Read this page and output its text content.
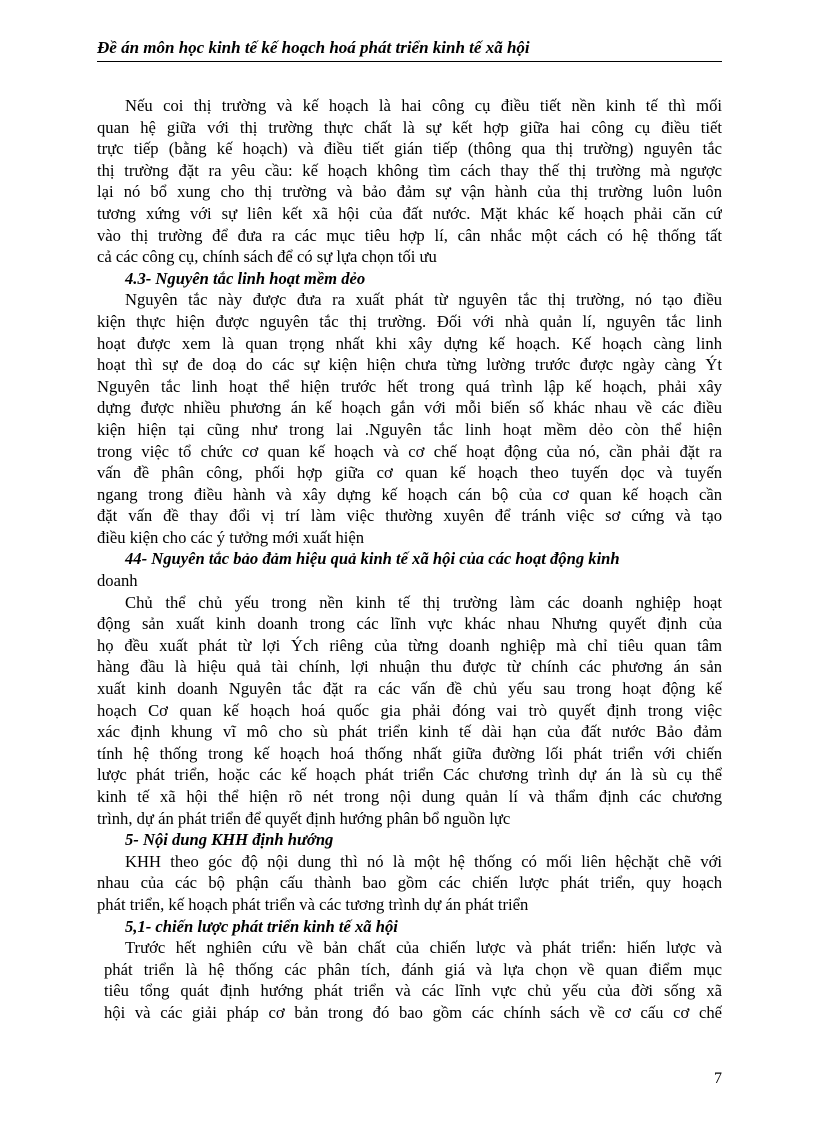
Đề án môn học kinh tế kế hoạch hoá phát triển kinh tế xã hội
Nếu coi thị trường và kế hoạch là hai công cụ điều tiết nền kinh tế thì mối
quan hệ giữa với thị trường thực chất là sự kết hợp giữa hai công cụ điều tiết
trực tiếp (bằng kế hoạch) và điều tiết gián tiếp (thông qua thị trường) nguyên tắc
thị trường đặt ra yêu cầu: kế hoạch không tìm cách thay thế thị trường mà ngược
lại nó bổ xung cho thị trường và bảo đảm sự vận hành của thị trường luôn luôn
tương xứng với sự liên kết xã hội của đất nước. Mặt khác kế hoạch phải căn cứ
vào thị trường để đưa ra các mục tiêu hợp lí, cân nhắc một cách có hệ thống tất
cả các công cụ, chính sách để có sự lựa chọn tối ưu
4.3- Nguyên tắc linh hoạt mềm dẻo
Nguyên tắc này được đưa ra xuất phát từ nguyên tắc thị trường, nó tạo điều
kiện thực hiện được nguyên tắc thị trường. Đối với nhà quản lí, nguyên tắc linh
hoạt được xem là quan trọng nhất khi xây dựng kế hoạch. Kế hoạch càng linh
hoạt thì sự đe doạ do các sự kiện hiện chưa từng lường trước được ngày càng Ýt
Nguyên tắc linh hoạt thể hiện trước hết trong quá trình lập kế hoạch, phải xây
dựng được nhiều phương án kế hoạch gắn với mỗi biến số khác nhau về các điều
kiện hiện tại cũng như trong lai .Nguyên tắc linh hoạt mềm dẻo còn thể hiện
trong việc tổ chức cơ quan kế hoạch và cơ chế hoạt động của nó, cần phải đặt ra
vấn đề phân công, phối hợp giữa cơ quan kế hoạch theo tuyến dọc và tuyến
ngang trong điều hành và xây dựng kế hoạch cán bộ của cơ quan kế hoạch cần
đặt vấn đề thay đổi vị trí làm việc thường xuyên để tránh việc sơ cứng và tạo
điều kiện cho các ý tưởng mới xuất hiện
44- Nguyên tắc bảo đảm hiệu quả kinh tế xã hội của các hoạt động kinh
doanh
Chủ thể chủ yếu trong nền kinh tế thị trường làm các doanh nghiệp hoạt
động sản xuất kinh doanh trong các lĩnh vực khác nhau Nhưng quyết định của
họ đều xuất phát từ lợi Ých riêng của từng doanh nghiệp mà chỉ tiêu quan tâm
hàng đầu là hiệu quả tài chính, lợi nhuận thu được từ chính các phương án sản
xuất kinh doanh Nguyên tắc đặt ra các vấn đề chủ yếu sau trong hoạt động kế
hoạch Cơ quan kế hoạch hoá quốc gia phải đóng vai trò quyết định trong việc
xác định khung vĩ mô cho sù phát triển kinh tế dài hạn của đất nước Bảo đảm
tính hệ thống trong kế hoạch hoá thống nhất giữa đường lối phát triển với chiến
lược phát triển, hoặc các kế hoạch phát triển Các chương trình dự án là sù cụ thể
kinh tế xã hội thể hiện rõ nét trong nội dung quản lí và thẩm định các chương
trình, dự án phát triển để quyết định hướng phân bổ nguồn lực
5- Nội dung KHH định hướng
KHH theo góc độ nội dung thì nó là một hệ thống có mối liên hệchặt chẽ với
nhau của các bộ phận cấu thành bao gồm các chiến lược phát triển, quy hoạch
phát triển, kế hoạch phát triển và các tương trình dự án phát triển
5,1- chiến lược phát triển kinh tế xã hội
Trước hết nghiên cứu về bản chất của chiến lược và phát triển: hiến lược và
phát triển là hệ thống các phân tích, đánh giá và lựa chọn về quan điểm mục
tiêu tổng quát định hướng phát triển và các lĩnh vực chủ yếu của đời sống xã
hội và các giải pháp cơ bản trong đó bao gồm các chính sách về cơ cấu cơ chế
7
